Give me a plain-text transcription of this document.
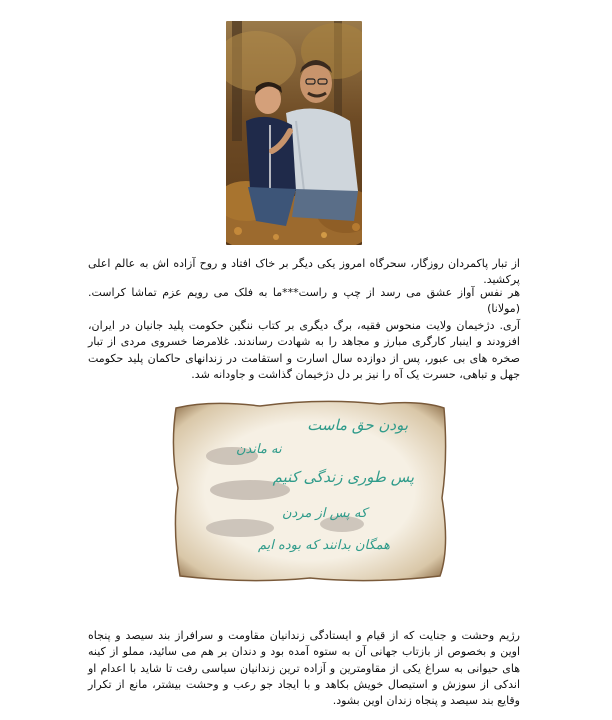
از تبار پاکمردان روزگار، سحرگاه امروز یکی دیگر بر خاک افتاد و روح آزاده اش به عالم اعلی پرکشید.

هر نفس آواز عشق می رسد از چپ و راست***ما به فلک می رویم عزم تماشا کراست.(مولانا)

آری. دژخیمان ولایت منحوس فقیه، برگ دیگری بر کتاب ننگین حکومت پلید جانیان در ایران، افزودند و اینبار کارگری مبارز و مجاهد را به شهادت رساندند. غلامرضا خسروی مردی از تبار صخره های بی عبور، پس از دوازده سال اسارت و استقامت در زندانهای حاکمان پلید حکومت جهل و تباهی، حسرت یک آه را نیز بر دل دژخیمان گذاشت و جاودانه شد.

بودن حق ماست
نه ماندن
پس طوری زندگی کنیم
که پس از مردن
همگان بدانند که بوده ایم

رژیم وحشت و جنایت که از قیام و ایستادگی زندانیان مقاومت و سرافراز بند سیصد و پنجاه اوین و بخصوص از بازتاب جهانی آن به ستوه آمده بود و دندان بر هم می سائید، مملو از کینه های حیوانی به سراغ یکی از مقاومترین و آزاده ترین زندانیان سیاسی رفت تا شاید با اعدام او اندکی از سوزش و استیصال خویش بکاهد و با ایجاد جو رعب و وحشت بیشتر، مانع از تکرار وقایع بند سیصد و پنجاه زندان اوین بشود.
